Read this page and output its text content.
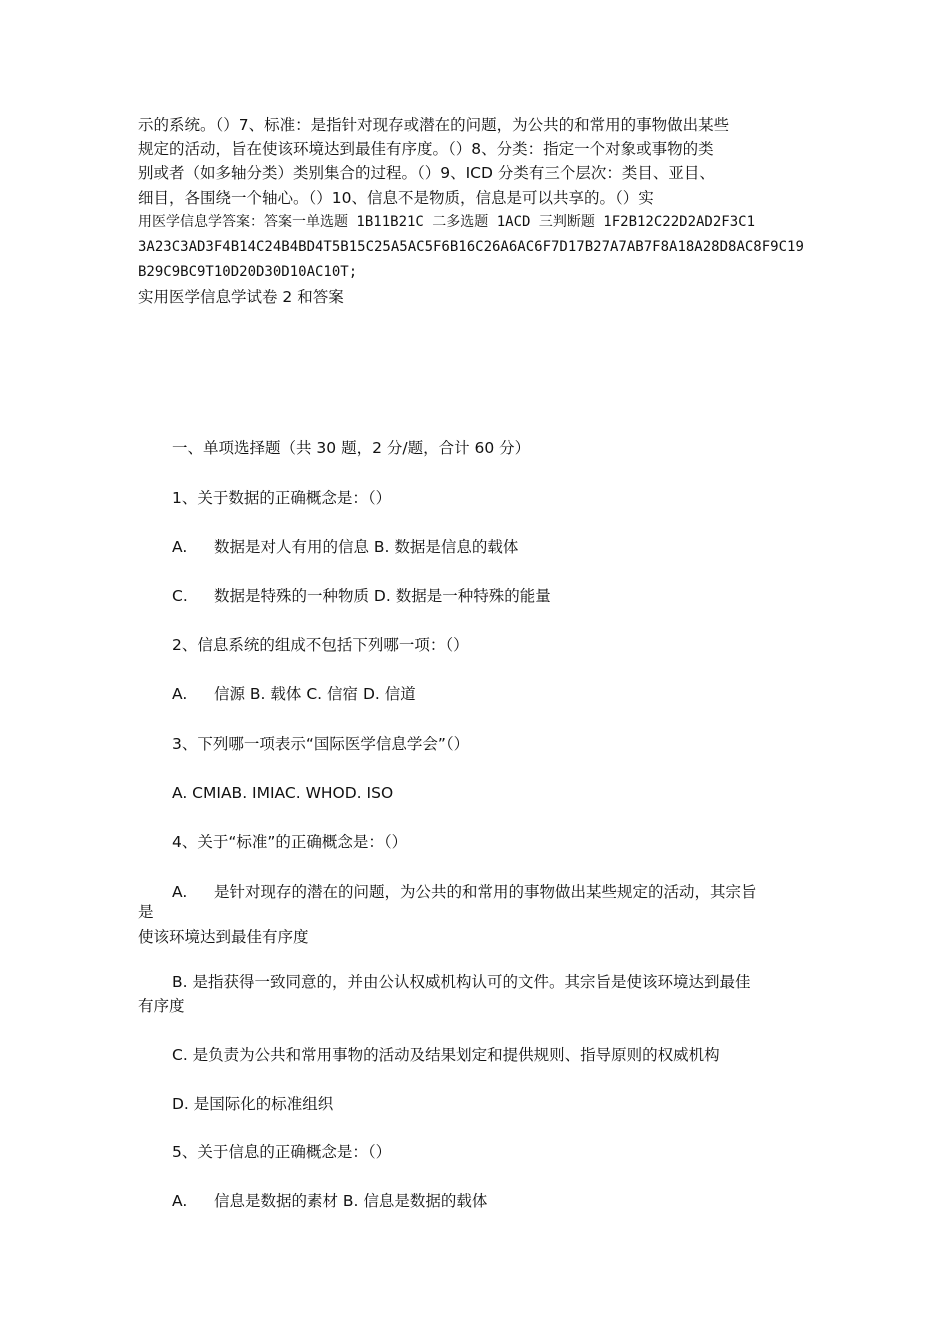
示的系统。（）7、标准：是指针对现存或潜在的问题，为公共的和常用的事物做出某些
规定的活动，旨在使该环境达到最佳有序度。（）8、分类：指定一个对象或事物的类
别或者（如多轴分类）类别集合的过程。（）9、ICD 分类有三个层次：类目、亚目、
细目，各围绕一个轴心。（）10、信息不是物质，信息是可以共享的。（）实
用医学信息学答案：答案一单选题 1B11B21C 二多选题 1ACD 三判断题 1F2B12C22D2AD2F3C1
3A23C3AD3F4B14C24B4BD4T5B15C25A5AC5F6B16C26A6AC6F7D17B27A7AB7F8A18A28D8AC8F9C19
B29C9BC9T10D20D30D10AC10T;
实用医学信息学试卷 2 和答案
一、单项选择题（共 30 题，2 分/题，合计 60 分）
1、关于数据的正确概念是：（）
A. 数据是对人有用的信息 B. 数据是信息的载体
C. 数据是特殊的一种物质 D. 数据是一种特殊的能量
2、信息系统的组成不包括下列哪一项：（）
A. 信源 B. 载体 C. 信宿 D. 信道
3、下列哪一项表示“国际医学信息学会”（）
A. CMIAB. IMIAC. WHOD. ISO
4、关于“标准”的正确概念是：（）
A. 是针对现存的潜在的问题，为公共的和常用的事物做出某些规定的活动，其宗旨
是
使该环境达到最佳有序度
B. 是指获得一致同意的，并由公认权威机构认可的文件。其宗旨是使该环境达到最佳
有序度
C. 是负责为公共和常用事物的活动及结果划定和提供规则、指导原则的权威机构
D. 是国际化的标准组织
5、关于信息的正确概念是：（）
A. 信息是数据的素材 B. 信息是数据的载体
